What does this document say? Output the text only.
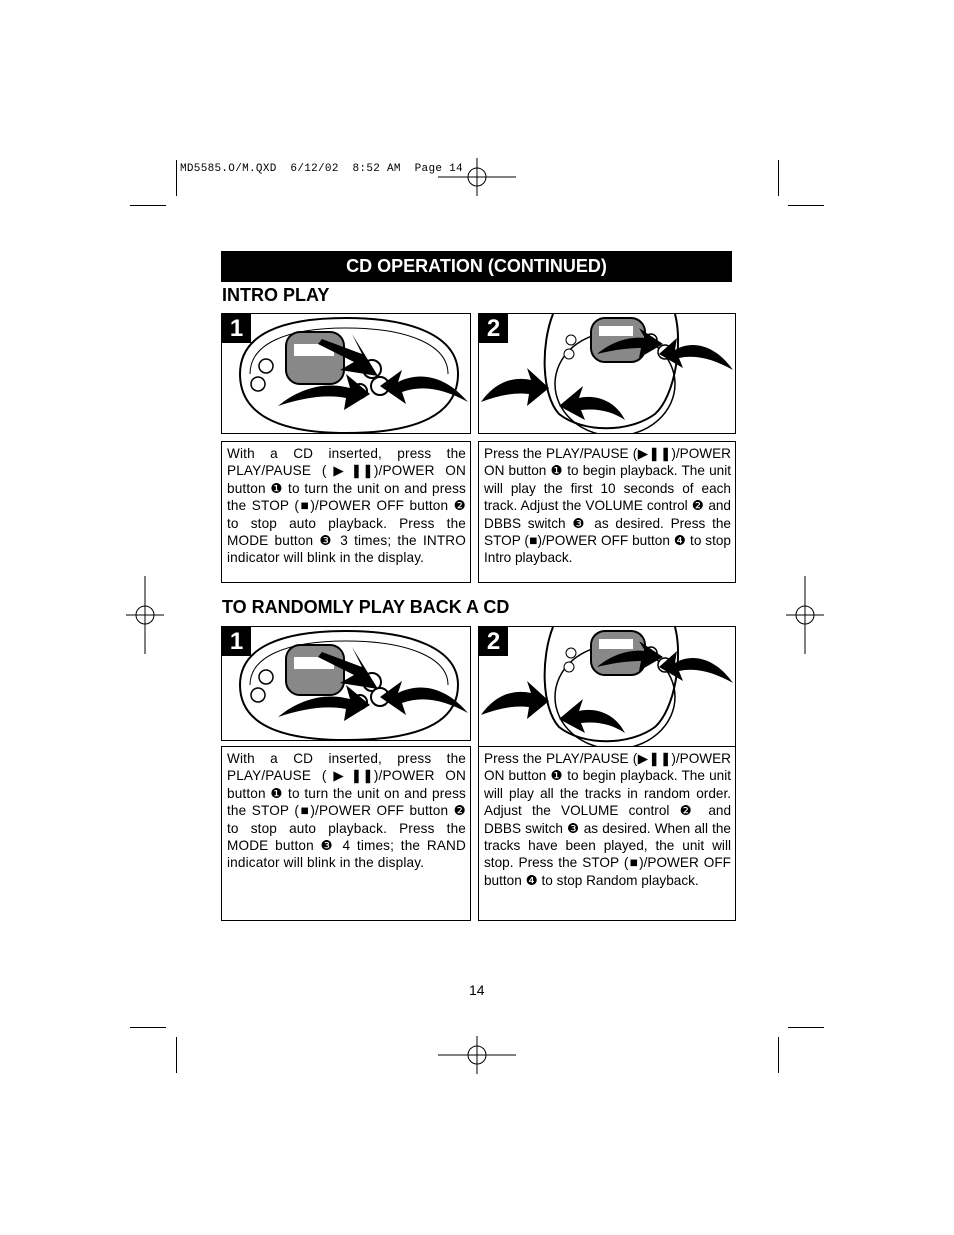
MD5585.O/M.QXD  6/12/02  8:52 AM  Page 14
CD OPERATION (CONTINUED)
INTRO PLAY
1	2

With a CD inserted, press the PLAY/PAUSE (▶❚❚)/POWER ON button ❶ to turn the unit on and press the STOP (■)/POWER OFF button ❷ to stop auto playback. Press the MODE button ❸ 3 times; the INTRO indicator will blink in the display.

Press the PLAY/PAUSE (▶❚❚)/POWER ON button ❶ to begin playback. The unit will play the first 10 seconds of each track. Adjust the VOLUME control ❷ and DBBS switch ❸ as desired. Press the STOP (■)/POWER OFF button ❹ to stop Intro playback.

TO RANDOMLY PLAY BACK A CD
1	2

With a CD inserted, press the PLAY/PAUSE (▶❚❚)/POWER ON button ❶ to turn the unit on and press the STOP (■)/POWER OFF button ❷ to stop auto playback. Press the MODE button ❸ 4 times; the RAND indicator will blink in the display.

Press the PLAY/PAUSE (▶❚❚)/POWER ON button ❶ to begin playback. The unit will play all the tracks in random order. Adjust the VOLUME control ❷ and DBBS switch ❸ as desired. When all the tracks have been played, the unit will stop. Press the STOP (■)/POWER OFF button ❹ to stop Random playback.

14
